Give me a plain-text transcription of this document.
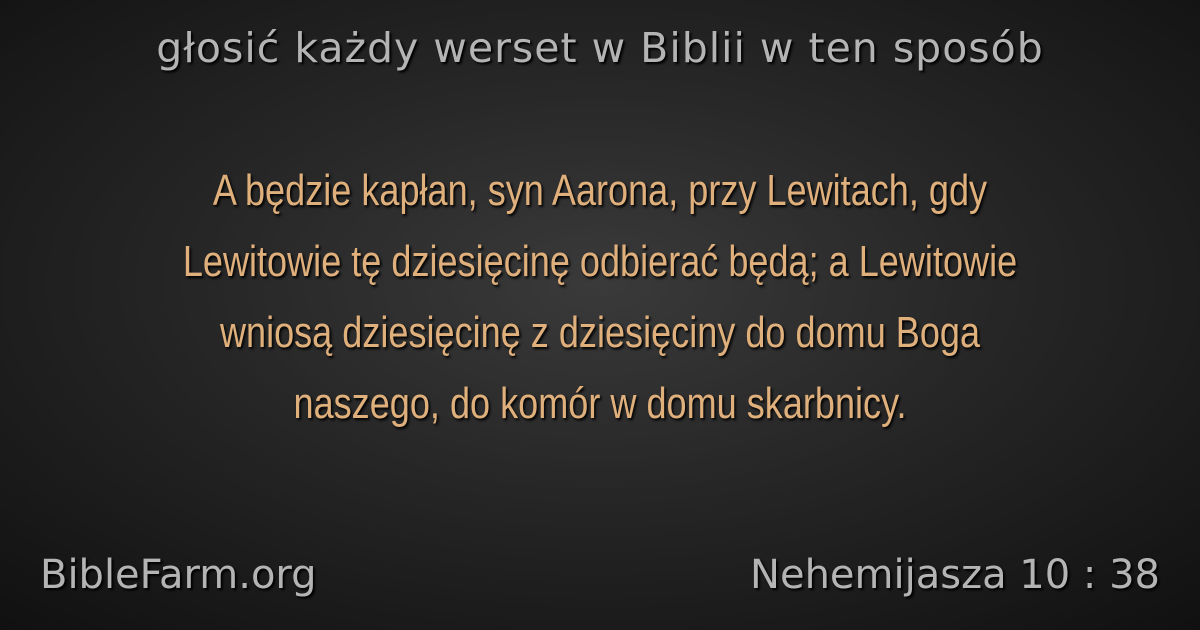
głosić każdy werset w Biblii w ten sposób
A będzie kapłan, syn Aarona, przy Lewitach, gdy Lewitowie tę dziesięcinę odbierać będą; a Lewitowie wniosą dziesięcinę z dziesięciny do domu Boga naszego, do komór w domu skarbnicy.
BibleFarm.org	Nehemijasza 10 : 38
